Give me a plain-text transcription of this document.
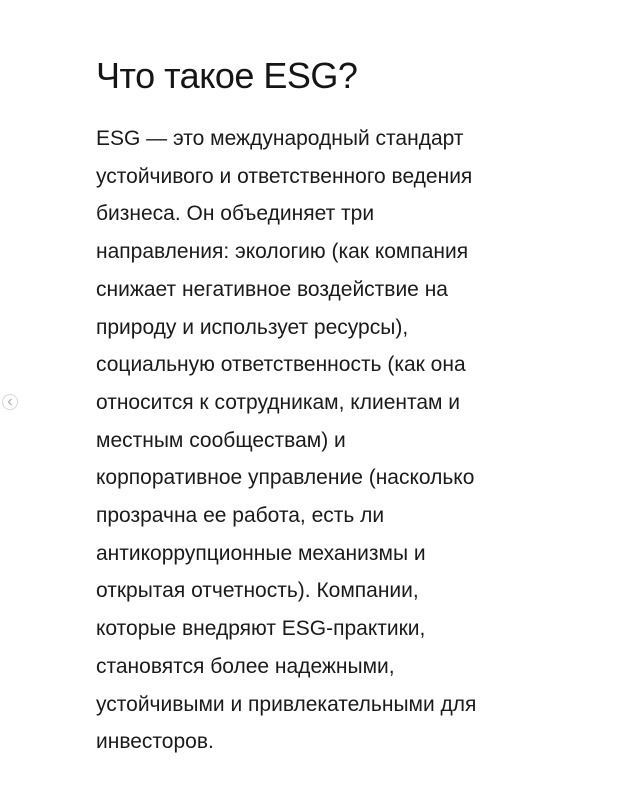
Что такое ESG?
ESG — это международный стандарт
устойчивого и ответственного ведения
бизнеса. Он объединяет три
направления: экологию (как компания
снижает негативное воздействие на
природу и использует ресурсы),
социальную ответственность (как она
относится к сотрудникам, клиентам и
местным сообществам) и
корпоративное управление (насколько
прозрачна ее работа, есть ли
антикоррупционные механизмы и
открытая отчетность). Компании,
которые внедряют ESG-практики,
становятся более надежными,
устойчивыми и привлекательными для
инвесторов.
